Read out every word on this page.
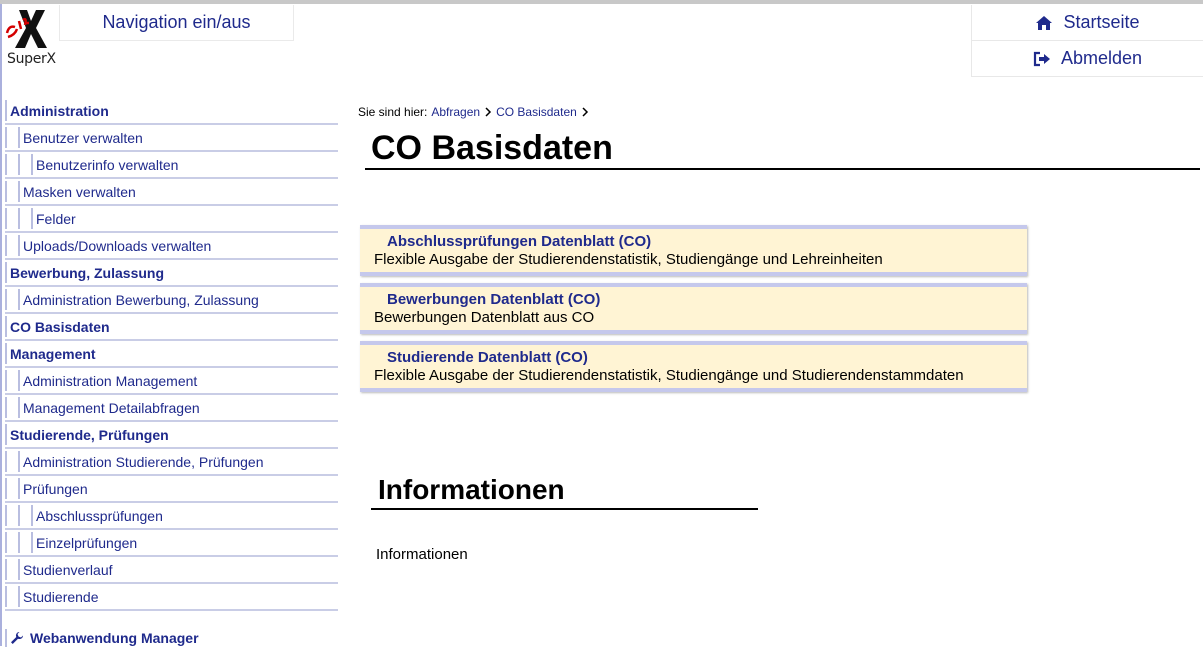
SuperX
Navigation ein/aus	Startseite
Abmelden
Administration
Benutzer verwalten
Benutzerinfo verwalten
Masken verwalten
Felder
Uploads/Downloads verwalten
Bewerbung, Zulassung
Administration Bewerbung, Zulassung
CO Basisdaten
Management
Administration Management
Management Detailabfragen
Studierende, Prüfungen
Administration Studierende, Prüfungen
Prüfungen
Abschlussprüfungen
Einzelprüfungen
Studienverlauf
Studierende
Webanwendung Manager
Sie sind hier: Abfragen CO Basisdaten
CO Basisdaten
Abschlussprüfungen Datenblatt (CO)
Flexible Ausgabe der Studierendenstatistik, Studiengänge und Lehreinheiten
Bewerbungen Datenblatt (CO)
Bewerbungen Datenblatt aus CO
Studierende Datenblatt (CO)
Flexible Ausgabe der Studierendenstatistik, Studiengänge und Studierendenstammdaten
Informationen
Informationen
